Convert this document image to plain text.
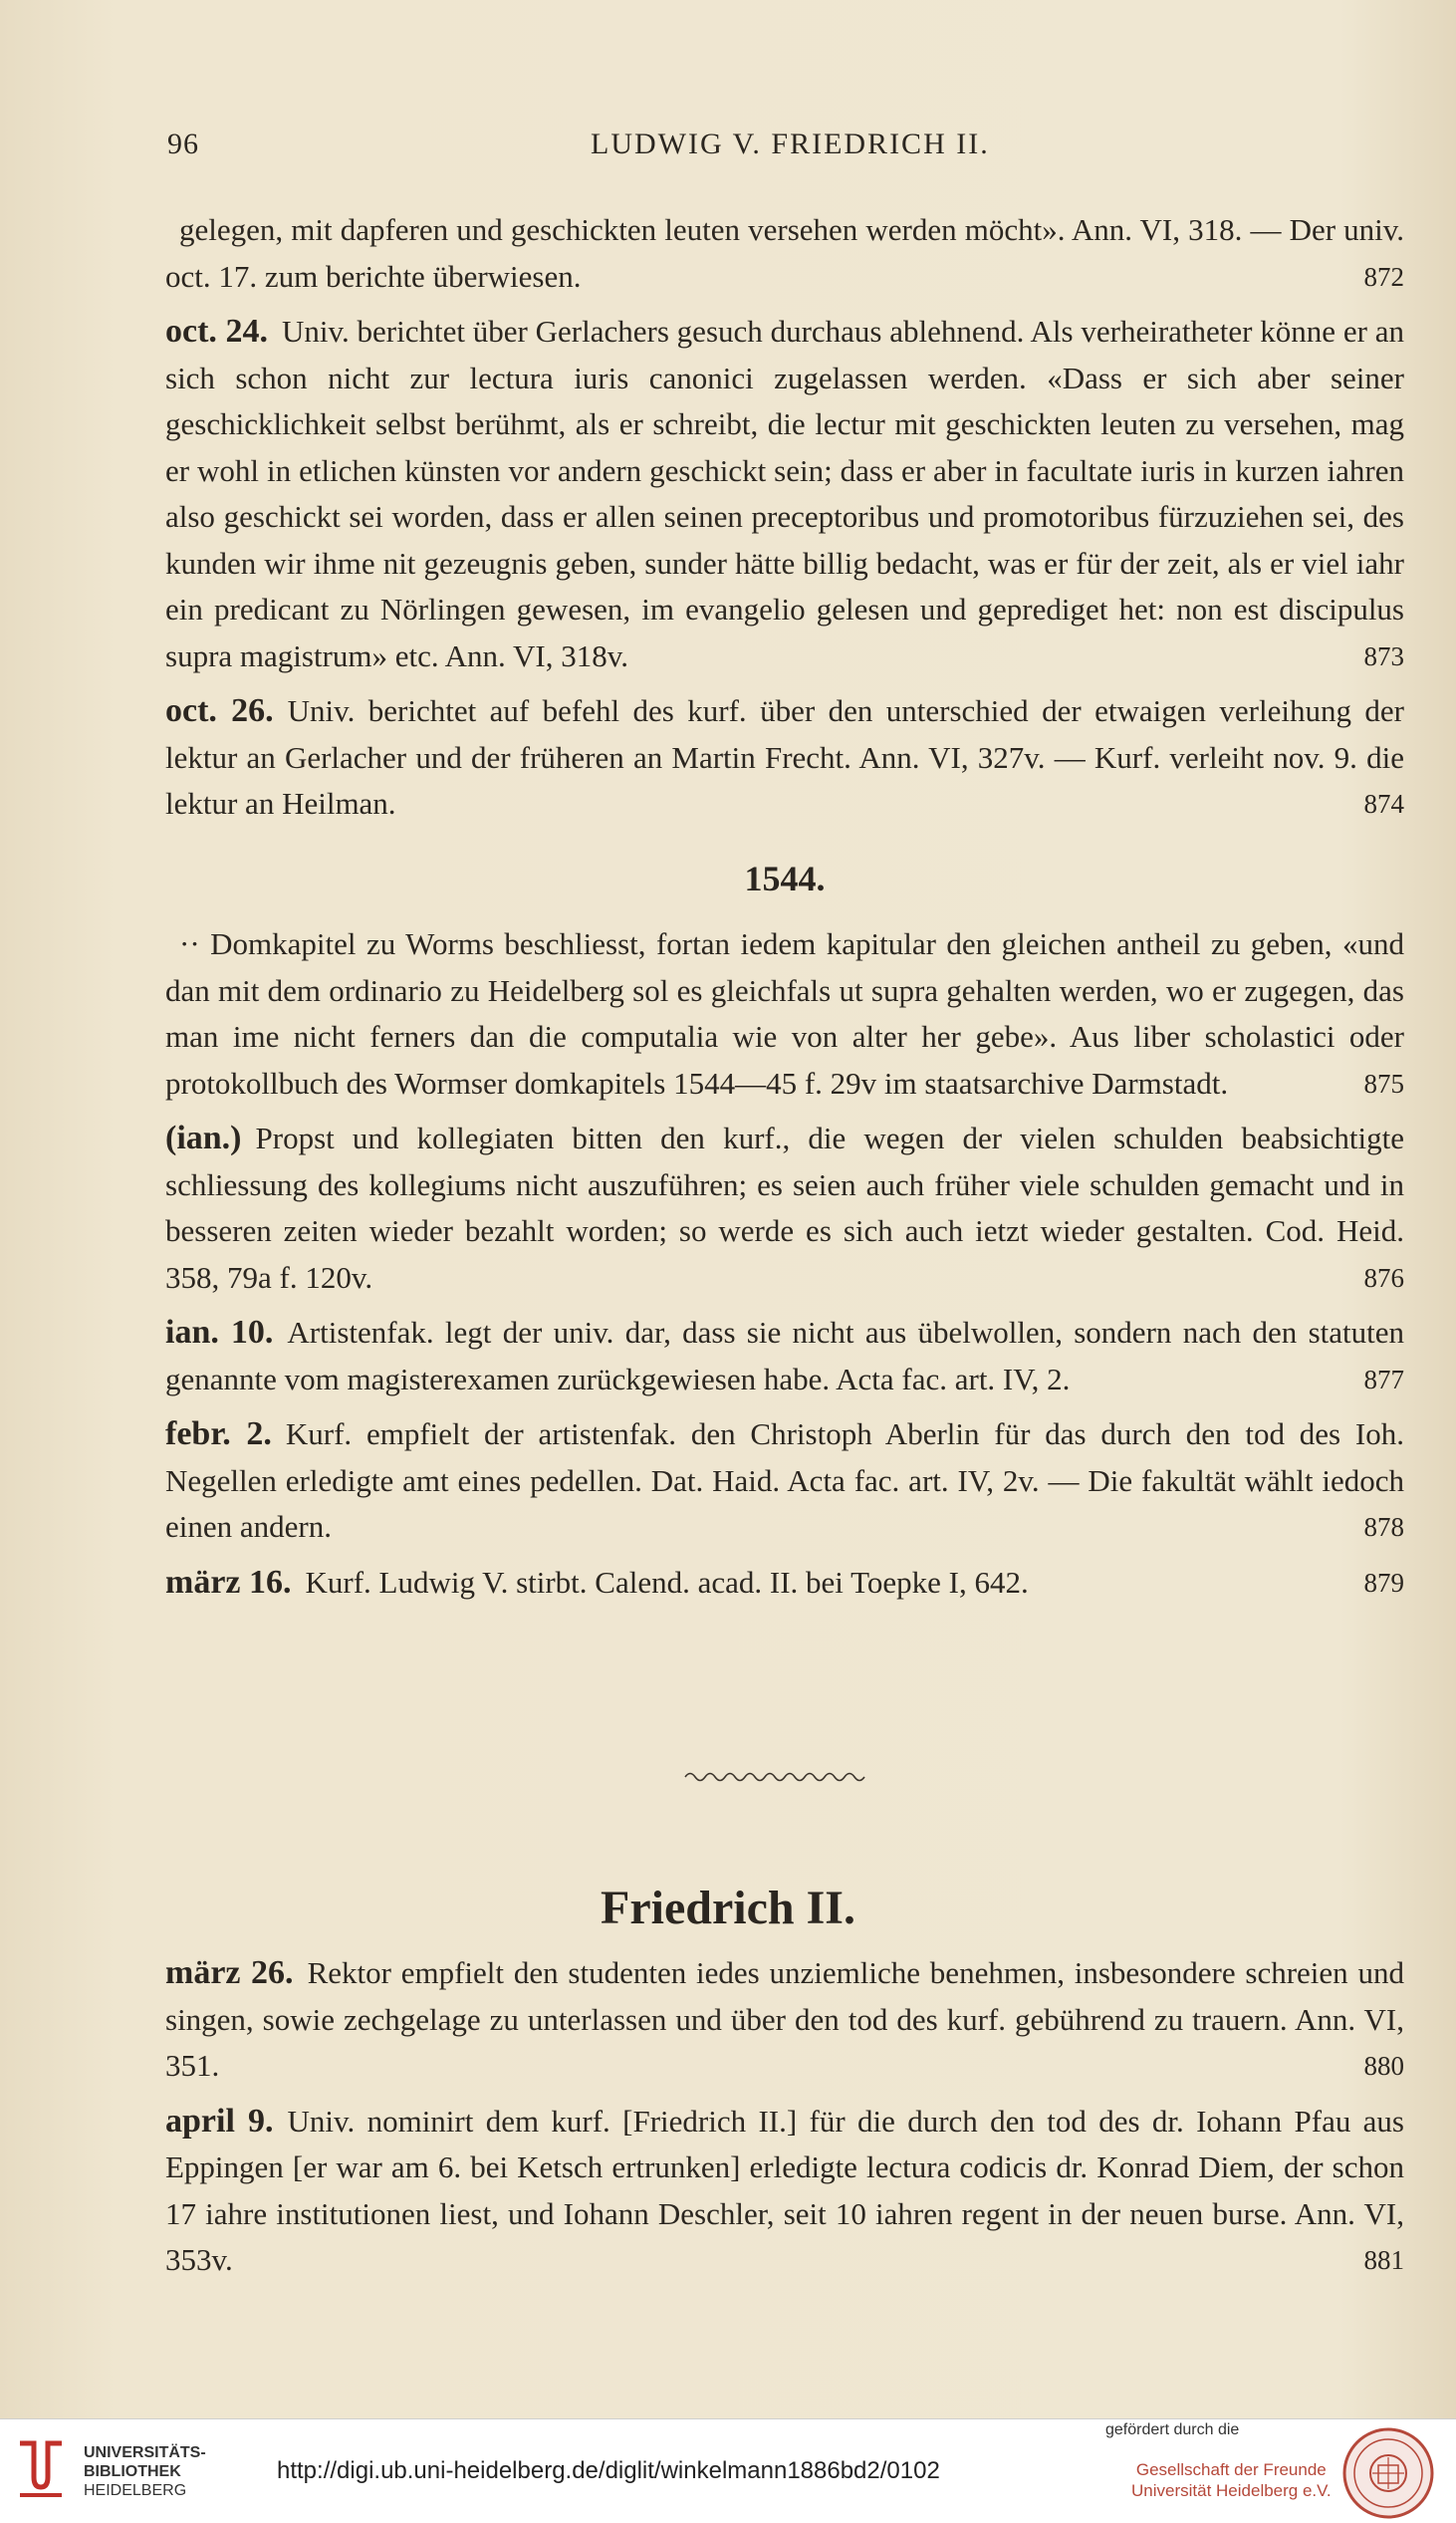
96	LUDWIG V. FRIEDRICH II.

gelegen, mit dapferen und geschickten leuten versehen werden möcht». Ann. VI, 318. — Der univ. oct. 17. zum berichte überwiesen.	872

oct. 24. Univ. berichtet über Gerlachers gesuch durchaus ablehnend. Als verheiratheter könne er an sich schon nicht zur lectura iuris canonici zugelassen werden. «Dass er sich aber seiner geschicklichkeit selbst berühmt, als er schreibt, die lectur mit geschickten leuten zu versehen, mag er wohl in etlichen künsten vor andern geschickt sein; dass er aber in facultate iuris in kurzen iahren also geschickt sei worden, dass er allen seinen preceptoribus und promotoribus fürzuziehen sei, des kunden wir ihme nit gezeugnis geben, sunder hätte billig bedacht, was er für der zeit, als er viel iahr ein predicant zu Nörlingen gewesen, im evangelio gelesen und geprediget het: non est discipulus supra magistrum» etc. Ann. VI, 318v.	873

oct. 26. Univ. berichtet auf befehl des kurf. über den unterschied der etwaigen verleihung der lektur an Gerlacher und der früheren an Martin Frecht. Ann. VI, 327v. — Kurf. verleiht nov. 9. die lektur an Heilman.	874

1544.

·· Domkapitel zu Worms beschliesst, fortan iedem kapitular den gleichen antheil zu geben, «und dan mit dem ordinario zu Heidelberg sol es gleichfals ut supra gehalten werden, wo er zugegen, das man ime nicht ferners dan die computalia wie von alter her gebe». Aus liber scholastici oder protokollbuch des Wormser domkapitels 1544—45 f. 29v im staatsarchive Darmstadt.	875

(ian.) Propst und kollegiaten bitten den kurf., die wegen der vielen schulden beabsichtigte schliessung des kollegiums nicht auszuführen; es seien auch früher viele schulden gemacht und in besseren zeiten wieder bezahlt worden; so werde es sich auch ietzt wieder gestalten. Cod. Heid. 358, 79a f. 120v.	876

ian. 10. Artistenfak. legt der univ. dar, dass sie nicht aus übelwollen, sondern nach den statuten genannte vom magisterexamen zurückgewiesen habe. Acta fac. art. IV, 2.	877

febr. 2. Kurf. empfielt der artistenfak. den Christoph Aberlin für das durch den tod des Ioh. Negellen erledigte amt eines pedellen. Dat. Haid. Acta fac. art. IV, 2v. — Die fakultät wählt iedoch einen andern.	878

märz 16. Kurf. Ludwig V. stirbt. Calend. acad. II. bei Toepke I, 642.	879

Friedrich II.

märz 26. Rektor empfielt den studenten iedes unziemliche benehmen, insbesondere schreien und singen, sowie zechgelage zu unterlassen und über den tod des kurf. gebührend zu trauern. Ann. VI, 351.	880

april 9. Univ. nominirt dem kurf. [Friedrich II.] für die durch den tod des dr. Iohann Pfau aus Eppingen [er war am 6. bei Ketsch ertrunken] erledigte lectura codicis dr. Konrad Diem, der schon 17 iahre institutionen liest, und Iohann Deschler, seit 10 iahren regent in der neuen burse. Ann. VI, 353v.	881

UNIVERSITÄTS-
BIBLIOTHEK
HEIDELBERG
http://digi.ub.uni-heidelberg.de/diglit/winkelmann1886bd2/0102
gefördert durch die
Gesellschaft der Freunde
Universität Heidelberg e.V.
